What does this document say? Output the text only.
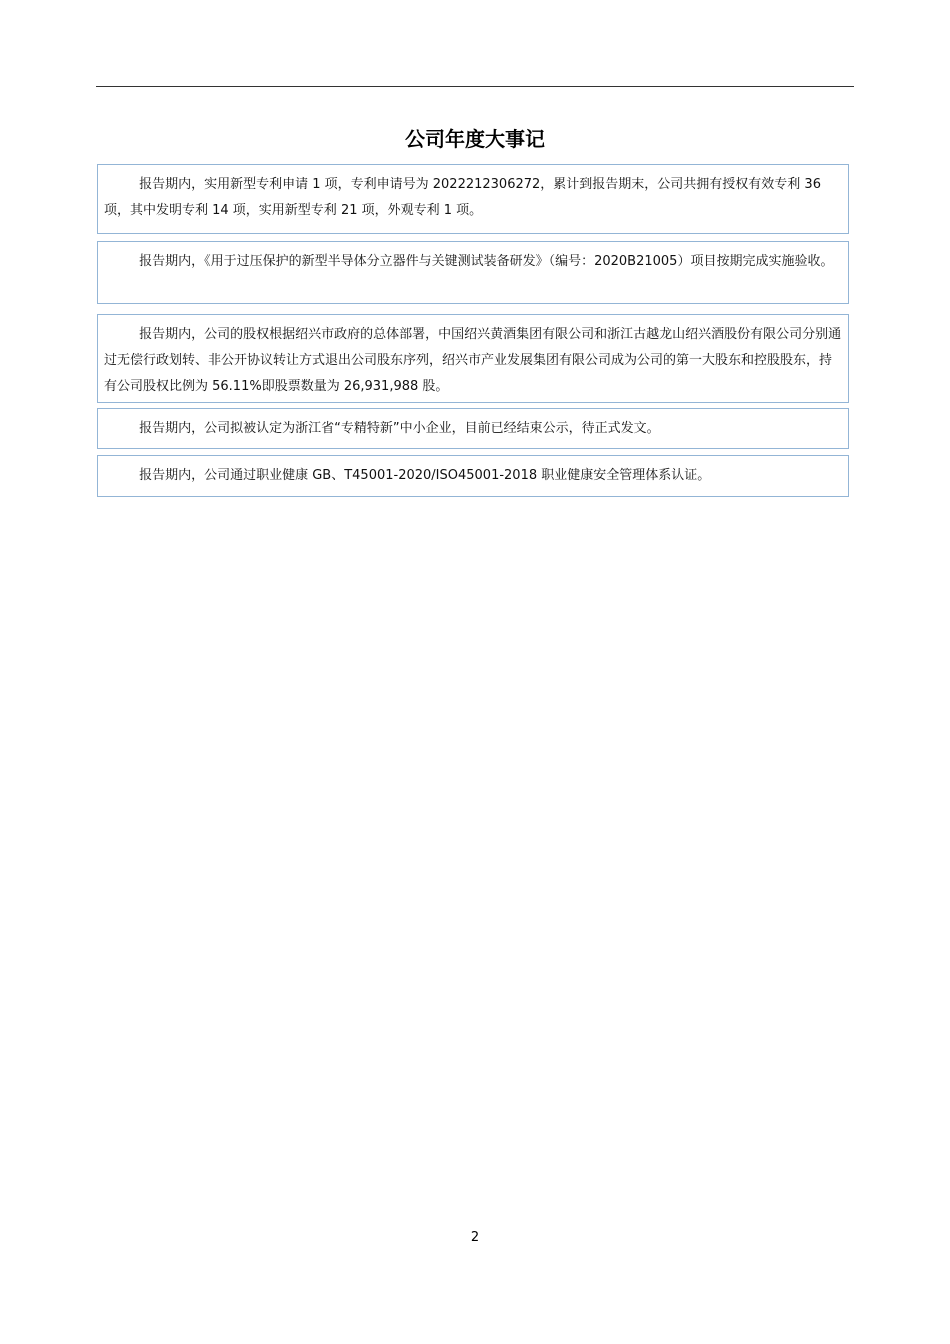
公司年度大事记

报告期内，实用新型专利申请 1 项，专利申请号为 2022212306272，累计到报告期末，公司共拥有授权有效专利 36 项，其中发明专利 14 项，实用新型专利 21 项，外观专利 1 项。

报告期内，《用于过压保护的新型半导体分立器件与关键测试装备研发》（编号：2020B21005）项目按期完成实施验收。

报告期内，公司的股权根据绍兴市政府的总体部署，中国绍兴黄酒集团有限公司和浙江古越龙山绍兴酒股份有限公司分别通过无偿行政划转、非公开协议转让方式退出公司股东序列，绍兴市产业发展集团有限公司成为公司的第一大股东和控股股东，持有公司股权比例为 56.11%即股票数量为 26,931,988 股。

报告期内，公司拟被认定为浙江省“专精特新”中小企业，目前已经结束公示，待正式发文。

报告期内，公司通过职业健康 GB、T45001-2020/ISO45001-2018 职业健康安全管理体系认证。

2
